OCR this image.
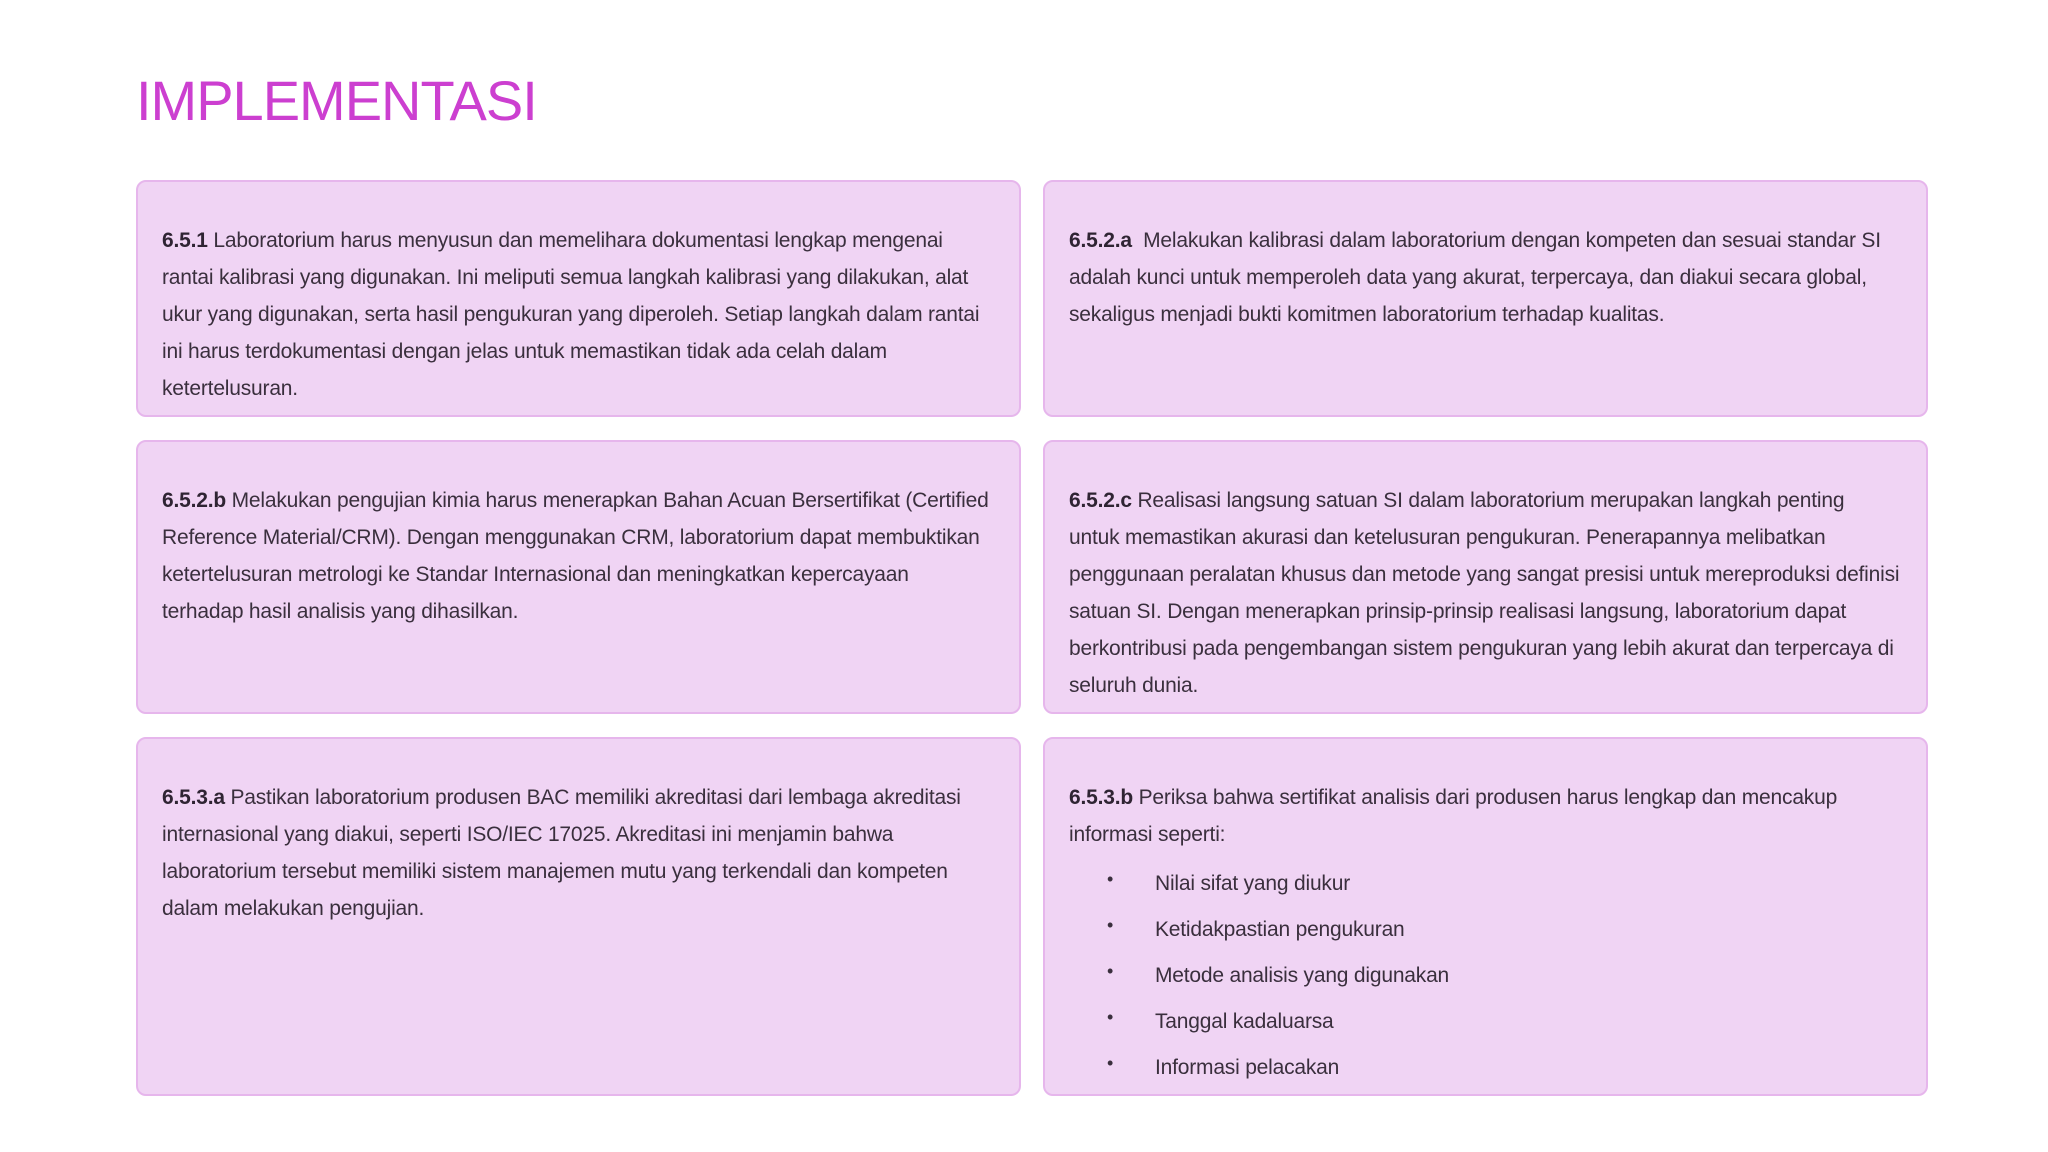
IMPLEMENTASI

6.5.1 Laboratorium harus menyusun dan memelihara dokumentasi lengkap mengenai rantai kalibrasi yang digunakan. Ini meliputi semua langkah kalibrasi yang dilakukan, alat ukur yang digunakan, serta hasil pengukuran yang diperoleh. Setiap langkah dalam rantai ini harus terdokumentasi dengan jelas untuk memastikan tidak ada celah dalam ketertelusuran.

6.5.2.a Melakukan kalibrasi dalam laboratorium dengan kompeten dan sesuai standar SI adalah kunci untuk memperoleh data yang akurat, terpercaya, dan diakui secara global, sekaligus menjadi bukti komitmen laboratorium terhadap kualitas.

6.5.2.b Melakukan pengujian kimia harus menerapkan Bahan Acuan Bersertifikat (Certified Reference Material/CRM). Dengan menggunakan CRM, laboratorium dapat membuktikan ketertelusuran metrologi ke Standar Internasional dan meningkatkan kepercayaan terhadap hasil analisis yang dihasilkan.

6.5.2.c Realisasi langsung satuan SI dalam laboratorium merupakan langkah penting untuk memastikan akurasi dan ketelusuran pengukuran. Penerapannya melibatkan penggunaan peralatan khusus dan metode yang sangat presisi untuk mereproduksi definisi satuan SI. Dengan menerapkan prinsip-prinsip realisasi langsung, laboratorium dapat berkontribusi pada pengembangan sistem pengukuran yang lebih akurat dan terpercaya di seluruh dunia.

6.5.3.a Pastikan laboratorium produsen BAC memiliki akreditasi dari lembaga akreditasi internasional yang diakui, seperti ISO/IEC 17025. Akreditasi ini menjamin bahwa laboratorium tersebut memiliki sistem manajemen mutu yang terkendali dan kompeten dalam melakukan pengujian.

6.5.3.b Periksa bahwa sertifikat analisis dari produsen harus lengkap dan mencakup informasi seperti:

• Nilai sifat yang diukur
• Ketidakpastian pengukuran
• Metode analisis yang digunakan
• Tanggal kadaluarsa
• Informasi pelacakan
